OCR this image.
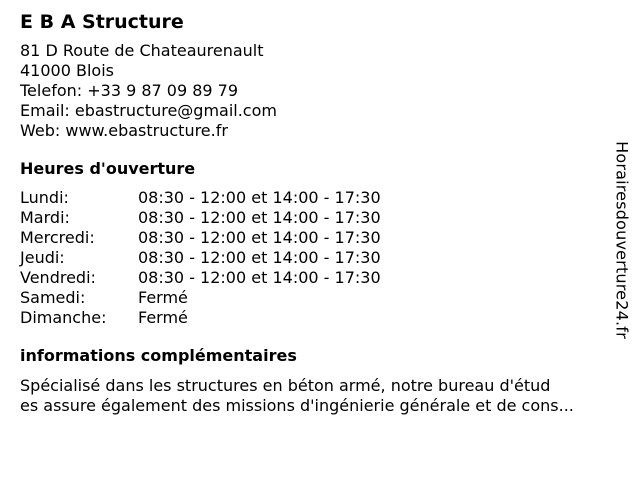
E B A Structure
81 D Route de Chateaurenault
41000 Blois
Telefon: +33 9 87 09 89 79
Email: ebastructure@gmail.com
Web: www.ebastructure.fr
Heures d'ouverture
Lundi:	08:30 - 12:00 et 14:00 - 17:30
Mardi:	08:30 - 12:00 et 14:00 - 17:30
Mercredi:	08:30 - 12:00 et 14:00 - 17:30
Jeudi:	08:30 - 12:00 et 14:00 - 17:30
Vendredi:	08:30 - 12:00 et 14:00 - 17:30
Samedi:	Fermé
Dimanche:	Fermé
informations complémentaires
Spécialisé dans les structures en béton armé, notre bureau d'étud
es assure également des missions d'ingénierie générale et de cons...
Horairesdouverture24.fr
